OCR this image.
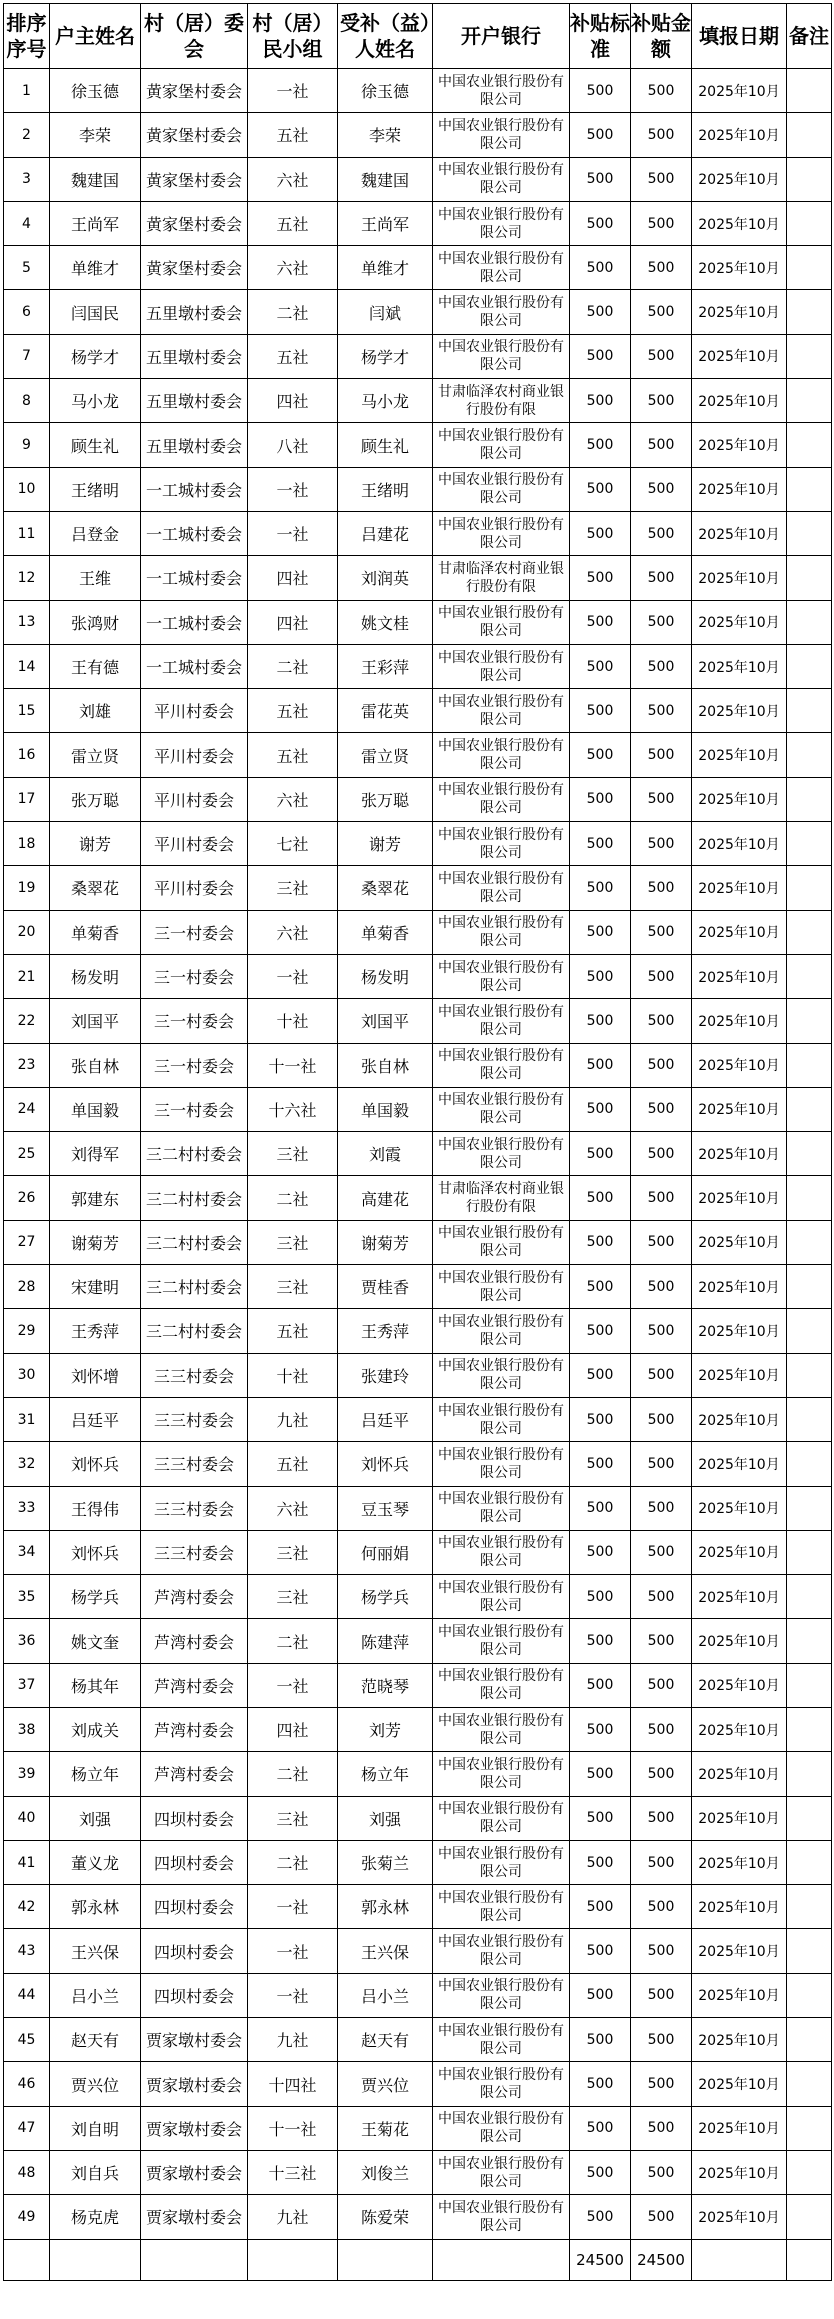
排序序号	户主姓名	村（居）委会	村（居）民小组	受补（益）人姓名	开户银行	补贴标准	补贴金额	填报日期	备注
1	徐玉德	黄家堡村委会	一社	徐玉德	中国农业银行股份有限公司	500	500	2025年10月	
2	李荣	黄家堡村委会	五社	李荣	中国农业银行股份有限公司	500	500	2025年10月	
3	魏建国	黄家堡村委会	六社	魏建国	中国农业银行股份有限公司	500	500	2025年10月	
4	王尚军	黄家堡村委会	五社	王尚军	中国农业银行股份有限公司	500	500	2025年10月	
5	单维才	黄家堡村委会	六社	单维才	中国农业银行股份有限公司	500	500	2025年10月	
6	闫国民	五里墩村委会	二社	闫斌	中国农业银行股份有限公司	500	500	2025年10月	
7	杨学才	五里墩村委会	五社	杨学才	中国农业银行股份有限公司	500	500	2025年10月	
8	马小龙	五里墩村委会	四社	马小龙	甘肃临泽农村商业银行股份有限	500	500	2025年10月	
9	顾生礼	五里墩村委会	八社	顾生礼	中国农业银行股份有限公司	500	500	2025年10月	
10	王绪明	一工城村委会	一社	王绪明	中国农业银行股份有限公司	500	500	2025年10月	
11	吕登金	一工城村委会	一社	吕建花	中国农业银行股份有限公司	500	500	2025年10月	
12	王维	一工城村委会	四社	刘润英	甘肃临泽农村商业银行股份有限	500	500	2025年10月	
13	张鸿财	一工城村委会	四社	姚文桂	中国农业银行股份有限公司	500	500	2025年10月	
14	王有德	一工城村委会	二社	王彩萍	中国农业银行股份有限公司	500	500	2025年10月	
15	刘雄	平川村委会	五社	雷花英	中国农业银行股份有限公司	500	500	2025年10月	
16	雷立贤	平川村委会	五社	雷立贤	中国农业银行股份有限公司	500	500	2025年10月	
17	张万聪	平川村委会	六社	张万聪	中国农业银行股份有限公司	500	500	2025年10月	
18	谢芳	平川村委会	七社	谢芳	中国农业银行股份有限公司	500	500	2025年10月	
19	桑翠花	平川村委会	三社	桑翠花	中国农业银行股份有限公司	500	500	2025年10月	
20	单菊香	三一村委会	六社	单菊香	中国农业银行股份有限公司	500	500	2025年10月	
21	杨发明	三一村委会	一社	杨发明	中国农业银行股份有限公司	500	500	2025年10月	
22	刘国平	三一村委会	十社	刘国平	中国农业银行股份有限公司	500	500	2025年10月	
23	张自林	三一村委会	十一社	张自林	中国农业银行股份有限公司	500	500	2025年10月	
24	单国毅	三一村委会	十六社	单国毅	中国农业银行股份有限公司	500	500	2025年10月	
25	刘得军	三二村村委会	三社	刘霞	中国农业银行股份有限公司	500	500	2025年10月	
26	郭建东	三二村村委会	二社	高建花	甘肃临泽农村商业银行股份有限	500	500	2025年10月	
27	谢菊芳	三二村村委会	三社	谢菊芳	中国农业银行股份有限公司	500	500	2025年10月	
28	宋建明	三二村村委会	三社	贾桂香	中国农业银行股份有限公司	500	500	2025年10月	
29	王秀萍	三二村村委会	五社	王秀萍	中国农业银行股份有限公司	500	500	2025年10月	
30	刘怀增	三三村委会	十社	张建玲	中国农业银行股份有限公司	500	500	2025年10月	
31	吕廷平	三三村委会	九社	吕廷平	中国农业银行股份有限公司	500	500	2025年10月	
32	刘怀兵	三三村委会	五社	刘怀兵	中国农业银行股份有限公司	500	500	2025年10月	
33	王得伟	三三村委会	六社	豆玉琴	中国农业银行股份有限公司	500	500	2025年10月	
34	刘怀兵	三三村委会	三社	何丽娟	中国农业银行股份有限公司	500	500	2025年10月	
35	杨学兵	芦湾村委会	三社	杨学兵	中国农业银行股份有限公司	500	500	2025年10月	
36	姚文奎	芦湾村委会	二社	陈建萍	中国农业银行股份有限公司	500	500	2025年10月	
37	杨其年	芦湾村委会	一社	范晓琴	中国农业银行股份有限公司	500	500	2025年10月	
38	刘成关	芦湾村委会	四社	刘芳	中国农业银行股份有限公司	500	500	2025年10月	
39	杨立年	芦湾村委会	二社	杨立年	中国农业银行股份有限公司	500	500	2025年10月	
40	刘强	四坝村委会	三社	刘强	中国农业银行股份有限公司	500	500	2025年10月	
41	董义龙	四坝村委会	二社	张菊兰	中国农业银行股份有限公司	500	500	2025年10月	
42	郭永林	四坝村委会	一社	郭永林	中国农业银行股份有限公司	500	500	2025年10月	
43	王兴保	四坝村委会	一社	王兴保	中国农业银行股份有限公司	500	500	2025年10月	
44	吕小兰	四坝村委会	一社	吕小兰	中国农业银行股份有限公司	500	500	2025年10月	
45	赵天有	贾家墩村委会	九社	赵天有	中国农业银行股份有限公司	500	500	2025年10月	
46	贾兴位	贾家墩村委会	十四社	贾兴位	中国农业银行股份有限公司	500	500	2025年10月	
47	刘自明	贾家墩村委会	十一社	王菊花	中国农业银行股份有限公司	500	500	2025年10月	
48	刘自兵	贾家墩村委会	十三社	刘俊兰	中国农业银行股份有限公司	500	500	2025年10月	
49	杨克虎	贾家墩村委会	九社	陈爱荣	中国农业银行股份有限公司	500	500	2025年10月	
						24500	24500		
